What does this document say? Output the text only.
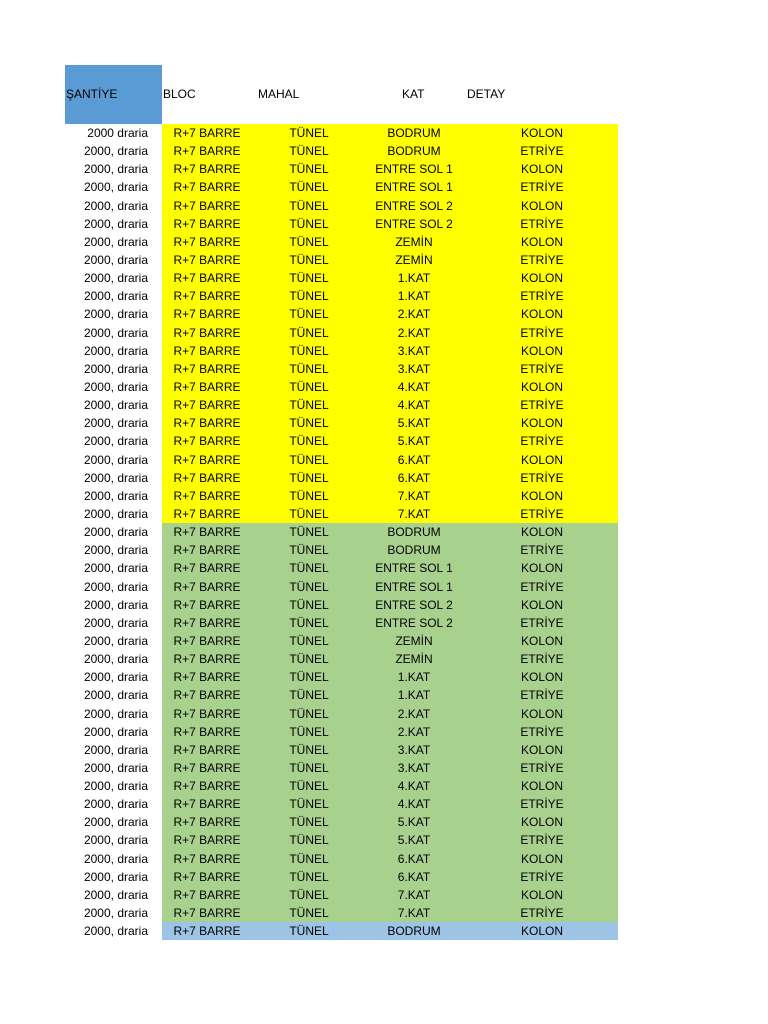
ŞANTİYE	BLOC	MAHAL	KAT	DETAY
2000 draria	R+7 BARRE	TÜNEL	BODRUM	KOLON
2000, draria	R+7 BARRE	TÜNEL	BODRUM	ETRİYE
2000, draria	R+7 BARRE	TÜNEL	ENTRE SOL 1	KOLON
2000, draria	R+7 BARRE	TÜNEL	ENTRE SOL 1	ETRİYE
2000, draria	R+7 BARRE	TÜNEL	ENTRE SOL 2	KOLON
2000, draria	R+7 BARRE	TÜNEL	ENTRE SOL 2	ETRİYE
2000, draria	R+7 BARRE	TÜNEL	ZEMİN	KOLON
2000, draria	R+7 BARRE	TÜNEL	ZEMİN	ETRİYE
2000, draria	R+7 BARRE	TÜNEL	1.KAT	KOLON
2000, draria	R+7 BARRE	TÜNEL	1.KAT	ETRİYE
2000, draria	R+7 BARRE	TÜNEL	2.KAT	KOLON
2000, draria	R+7 BARRE	TÜNEL	2.KAT	ETRİYE
2000, draria	R+7 BARRE	TÜNEL	3.KAT	KOLON
2000, draria	R+7 BARRE	TÜNEL	3.KAT	ETRİYE
2000, draria	R+7 BARRE	TÜNEL	4.KAT	KOLON
2000, draria	R+7 BARRE	TÜNEL	4.KAT	ETRİYE
2000, draria	R+7 BARRE	TÜNEL	5.KAT	KOLON
2000, draria	R+7 BARRE	TÜNEL	5.KAT	ETRİYE
2000, draria	R+7 BARRE	TÜNEL	6.KAT	KOLON
2000, draria	R+7 BARRE	TÜNEL	6.KAT	ETRİYE
2000, draria	R+7 BARRE	TÜNEL	7.KAT	KOLON
2000, draria	R+7 BARRE	TÜNEL	7.KAT	ETRİYE
2000, draria	R+7 BARRE	TÜNEL	BODRUM	KOLON
2000, draria	R+7 BARRE	TÜNEL	BODRUM	ETRİYE
2000, draria	R+7 BARRE	TÜNEL	ENTRE SOL 1	KOLON
2000, draria	R+7 BARRE	TÜNEL	ENTRE SOL 1	ETRİYE
2000, draria	R+7 BARRE	TÜNEL	ENTRE SOL 2	KOLON
2000, draria	R+7 BARRE	TÜNEL	ENTRE SOL 2	ETRİYE
2000, draria	R+7 BARRE	TÜNEL	ZEMİN	KOLON
2000, draria	R+7 BARRE	TÜNEL	ZEMİN	ETRİYE
2000, draria	R+7 BARRE	TÜNEL	1.KAT	KOLON
2000, draria	R+7 BARRE	TÜNEL	1.KAT	ETRİYE
2000, draria	R+7 BARRE	TÜNEL	2.KAT	KOLON
2000, draria	R+7 BARRE	TÜNEL	2.KAT	ETRİYE
2000, draria	R+7 BARRE	TÜNEL	3.KAT	KOLON
2000, draria	R+7 BARRE	TÜNEL	3.KAT	ETRİYE
2000, draria	R+7 BARRE	TÜNEL	4.KAT	KOLON
2000, draria	R+7 BARRE	TÜNEL	4.KAT	ETRİYE
2000, draria	R+7 BARRE	TÜNEL	5.KAT	KOLON
2000, draria	R+7 BARRE	TÜNEL	5.KAT	ETRİYE
2000, draria	R+7 BARRE	TÜNEL	6.KAT	KOLON
2000, draria	R+7 BARRE	TÜNEL	6.KAT	ETRİYE
2000, draria	R+7 BARRE	TÜNEL	7.KAT	KOLON
2000, draria	R+7 BARRE	TÜNEL	7.KAT	ETRİYE
2000, draria	R+7 BARRE	TÜNEL	BODRUM	KOLON
